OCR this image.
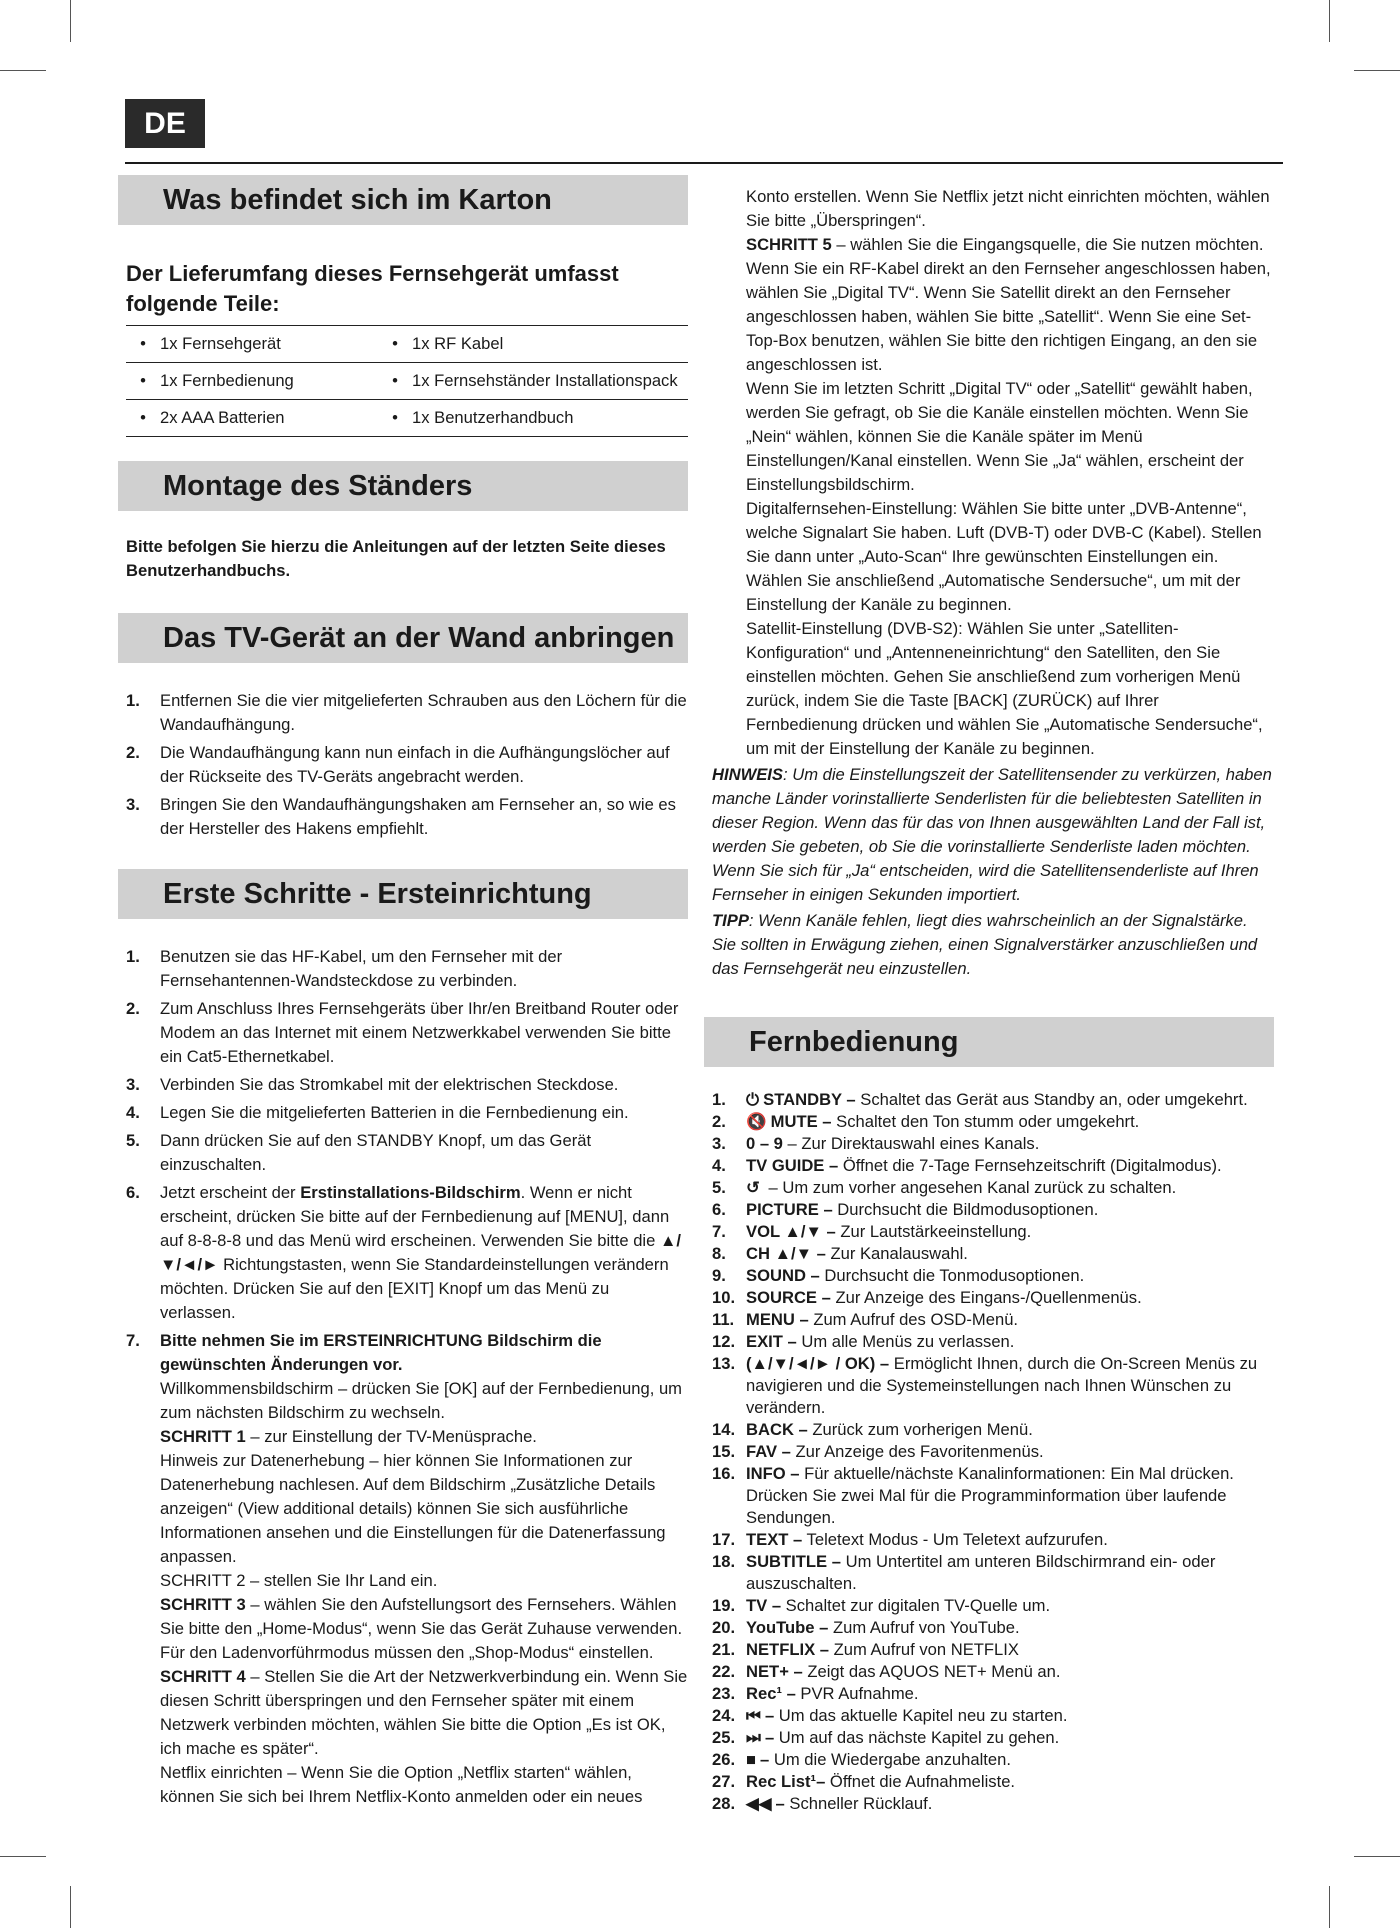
DE
Was befindet sich im Karton
Der Lieferumfang dieses Fernsehgerät umfasst folgende Teile:
• 1x Fernsehgerät	• 1x RF Kabel
• 1x Fernbedienung	• 1x Fernsehständer Installationspack
• 2x AAA Batterien	• 1x Benutzerhandbuch
Montage des Ständers
Bitte befolgen Sie hierzu die Anleitungen auf der letzten Seite dieses Benutzerhandbuchs.
Das TV-Gerät an der Wand anbringen
1. Entfernen Sie die vier mitgelieferten Schrauben aus den Löchern für die Wandaufhängung.
2. Die Wandaufhängung kann nun einfach in die Aufhängungslöcher auf der Rückseite des TV-Geräts angebracht werden.
3. Bringen Sie den Wandaufhängungshaken am Fernseher an, so wie es der Hersteller des Hakens empfiehlt.
Erste Schritte - Ersteinrichtung
1. Benutzen sie das HF-Kabel, um den Fernseher mit der Fernsehantennen-Wandsteckdose zu verbinden.
2. Zum Anschluss Ihres Fernsehgeräts über Ihr/en Breitband Router oder Modem an das Internet mit einem Netzwerkkabel verwenden Sie bitte ein Cat5-Ethernetkabel.
3. Verbinden Sie das Stromkabel mit der elektrischen Steckdose.
4. Legen Sie die mitgelieferten Batterien in die Fernbedienung ein.
5. Dann drücken Sie auf den STANDBY Knopf, um das Gerät einzuschalten.
6. Jetzt erscheint der Erstinstallations-Bildschirm. Wenn er nicht erscheint, drücken Sie bitte auf der Fernbedienung auf [MENU], dann auf 8-8-8-8 und das Menü wird erscheinen. Verwenden Sie bitte die ▲/▼/◄/► Richtungstasten, wenn Sie Standardeinstellungen verändern möchten. Drücken Sie auf den [EXIT] Knopf um das Menü zu verlassen.
7. Bitte nehmen Sie im ERSTEINRICHTUNG Bildschirm die gewünschten Änderungen vor.
Willkommensbildschirm – drücken Sie [OK] auf der Fernbedienung, um zum nächsten Bildschirm zu wechseln.
SCHRITT 1 – zur Einstellung der TV-Menüsprache.
Hinweis zur Datenerhebung – hier können Sie Informationen zur Datenerhebung nachlesen. Auf dem Bildschirm „Zusätzliche Details anzeigen“ (View additional details) können Sie sich ausführliche Informationen ansehen und die Einstellungen für die Datenerfassung anpassen.
SCHRITT 2 – stellen Sie Ihr Land ein.
SCHRITT 3 – wählen Sie den Aufstellungsort des Fernsehers. Wählen Sie bitte den „Home-Modus“, wenn Sie das Gerät Zuhause verwenden. Für den Ladenvorführmodus müssen den „Shop-Modus“ einstellen.
SCHRITT 4 – Stellen Sie die Art der Netzwerkverbindung ein. Wenn Sie diesen Schritt überspringen und den Fernseher später mit einem Netzwerk verbinden möchten, wählen Sie bitte die Option „Es ist OK, ich mache es später“.
Netflix einrichten – Wenn Sie die Option „Netflix starten“ wählen, können Sie sich bei Ihrem Netflix-Konto anmelden oder ein neues
Konto erstellen. Wenn Sie Netflix jetzt nicht einrichten möchten, wählen Sie bitte „Überspringen“.
SCHRITT 5 – wählen Sie die Eingangsquelle, die Sie nutzen möchten. Wenn Sie ein RF-Kabel direkt an den Fernseher angeschlossen haben, wählen Sie „Digital TV“. Wenn Sie Satellit direkt an den Fernseher angeschlossen haben, wählen Sie bitte „Satellit“. Wenn Sie eine Set-Top-Box benutzen, wählen Sie bitte den richtigen Eingang, an den sie angeschlossen ist.
Wenn Sie im letzten Schritt „Digital TV“ oder „Satellit“ gewählt haben, werden Sie gefragt, ob Sie die Kanäle einstellen möchten. Wenn Sie „Nein“ wählen, können Sie die Kanäle später im Menü Einstellungen/Kanal einstellen. Wenn Sie „Ja“ wählen, erscheint der Einstellungsbildschirm.
Digitalfernsehen-Einstellung: Wählen Sie bitte unter „DVB-Antenne“, welche Signalart Sie haben. Luft (DVB-T) oder DVB-C (Kabel). Stellen Sie dann unter „Auto-Scan“ Ihre gewünschten Einstellungen ein. Wählen Sie anschließend „Automatische Sendersuche“, um mit der Einstellung der Kanäle zu beginnen.
Satellit-Einstellung (DVB-S2): Wählen Sie unter „Satelliten-Konfiguration“ und „Antenneneinrichtung“ den Satelliten, den Sie einstellen möchten. Gehen Sie anschließend zum vorherigen Menü zurück, indem Sie die Taste [BACK] (ZURÜCK) auf Ihrer Fernbedienung drücken und wählen Sie „Automatische Sendersuche“, um mit der Einstellung der Kanäle zu beginnen.
HINWEIS: Um die Einstellungszeit der Satellitensender zu verkürzen, haben manche Länder vorinstallierte Senderlisten für die beliebtesten Satelliten in dieser Region. Wenn das für das von Ihnen ausgewählten Land der Fall ist, werden Sie gebeten, ob Sie die vorinstallierte Senderliste laden möchten. Wenn Sie sich für „Ja“ entscheiden, wird die Satellitensenderliste auf Ihren Fernseher in einigen Sekunden importiert.
TIPP: Wenn Kanäle fehlen, liegt dies wahrscheinlich an der Signalstärke. Sie sollten in Erwägung ziehen, einen Signalverstärker anzuschließen und das Fernsehgerät neu einzustellen.
Fernbedienung
1. ⏻ STANDBY – Schaltet das Gerät aus Standby an, oder umgekehrt.
2. 🔇 MUTE – Schaltet den Ton stumm oder umgekehrt.
3. 0 – 9 – Zur Direktauswahl eines Kanals.
4. TV GUIDE – Öffnet die 7-Tage Fernsehzeitschrift (Digitalmodus).
5. ↺ – Um zum vorher angesehen Kanal zurück zu schalten.
6. PICTURE – Durchsucht die Bildmodusoptionen.
7. VOL ▲/▼ – Zur Lautstärkeeinstellung.
8. CH ▲/▼ – Zur Kanalauswahl.
9. SOUND – Durchsucht die Tonmodusoptionen.
10. SOURCE – Zur Anzeige des Eingans-/Quellenmenüs.
11. MENU – Zum Aufruf des OSD-Menü.
12. EXIT – Um alle Menüs zu verlassen.
13. (▲/▼/◄/► / OK) – Ermöglicht Ihnen, durch die On-Screen Menüs zu navigieren und die Systemeinstellungen nach Ihnen Wünschen zu verändern.
14. BACK – Zurück zum vorherigen Menü.
15. FAV – Zur Anzeige des Favoritenmenüs.
16. INFO – Für aktuelle/nächste Kanalinformationen: Ein Mal drücken. Drücken Sie zwei Mal für die Programminformation über laufende Sendungen.
17. TEXT – Teletext Modus - Um Teletext aufzurufen.
18. SUBTITLE – Um Untertitel am unteren Bildschirmrand ein- oder auszuschalten.
19. TV – Schaltet zur digitalen TV-Quelle um.
20. YouTube – Zum Aufruf von YouTube.
21. NETFLIX – Zum Aufruf von NETFLIX
22. NET+ – Zeigt das AQUOS NET+ Menü an.
23. Rec¹ – PVR Aufnahme.
24. ⏮ – Um das aktuelle Kapitel neu zu starten.
25. ⏭ – Um auf das nächste Kapitel zu gehen.
26. ■ – Um die Wiedergabe anzuhalten.
27. Rec List¹– Öffnet die Aufnahmeliste.
28. ◀◀ – Schneller Rücklauf.
